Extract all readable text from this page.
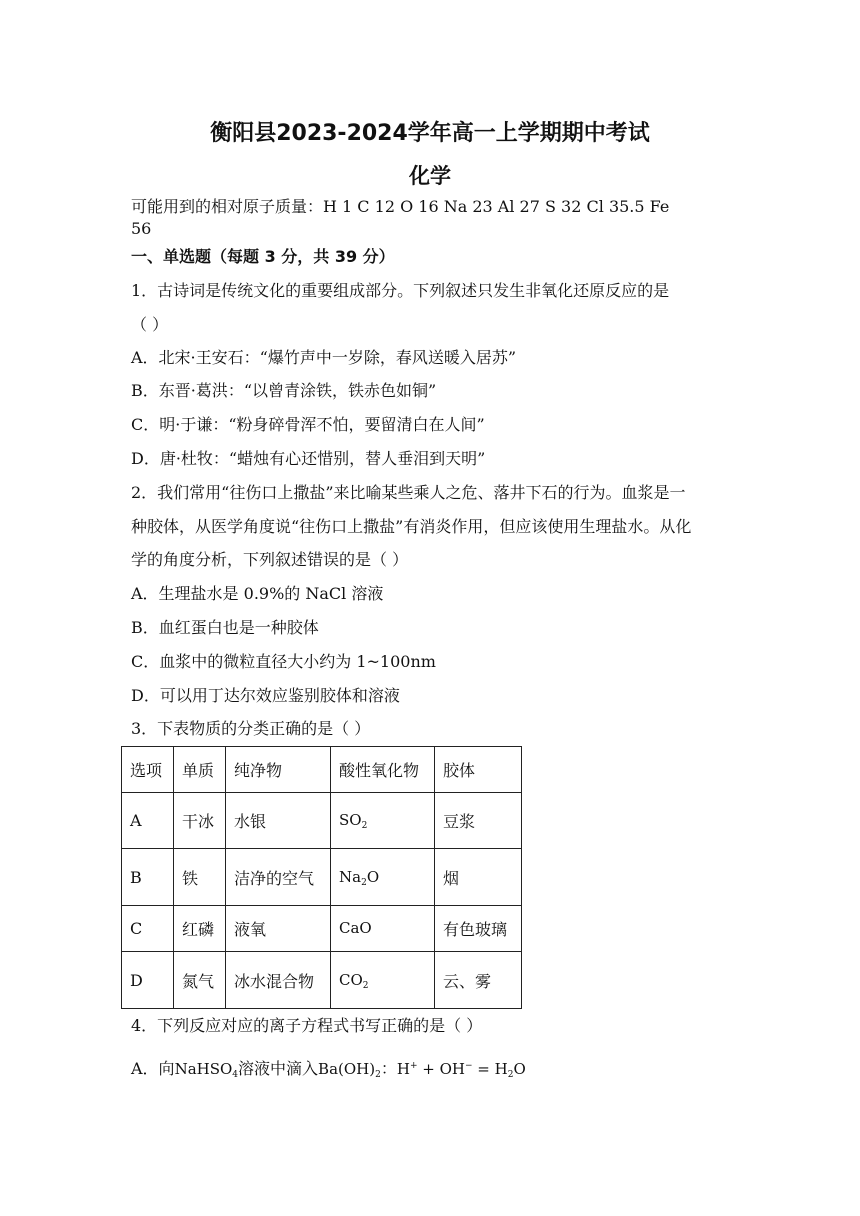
衡阳县2023-2024学年高一上学期期中考试
化学
可能用到的相对原子质量：H 1 C 12 O 16 Na 23 Al 27 S 32 Cl 35.5 Fe
56
一、单选题（每题 3 分，共 39 分）
1．古诗词是传统文化的重要组成部分。下列叙述只发生非氧化还原反应的是
（ ）
A．北宋·王安石：“爆竹声中一岁除，春风送暖入居苏”
B．东晋·葛洪：“以曾青涂铁，铁赤色如铜”
C．明·于谦：“粉身碎骨浑不怕，要留清白在人间”
D．唐·杜牧：“蜡烛有心还惜别，替人垂泪到天明”
2．我们常用“往伤口上撒盐”来比喻某些乘人之危、落井下石的行为。血浆是一
种胶体，从医学角度说“往伤口上撒盐”有消炎作用，但应该使用生理盐水。从化
学的角度分析，下列叙述错误的是（ ）
A．生理盐水是 0.9%的 NaCl 溶液
B．血红蛋白也是一种胶体
C．血浆中的微粒直径大小约为 1~100nm
D．可以用丁达尔效应鉴别胶体和溶液
3．下表物质的分类正确的是（ ）
选项	单质	纯净物	酸性氧化物	胶体
A	干冰	水银	$SO_2$	豆浆
B	铁	洁净的空气	$Na_2O$	烟
C	红磷	液氧	CaO	有色玻璃
D	氮气	冰水混合物	$CO_2$	云、雾
4．下列反应对应的离子方程式书写正确的是（ ）
A．向NaHSO$_4$溶液中滴入$Ba(OH)_2$：$H^+ + OH^- = H_2O$
